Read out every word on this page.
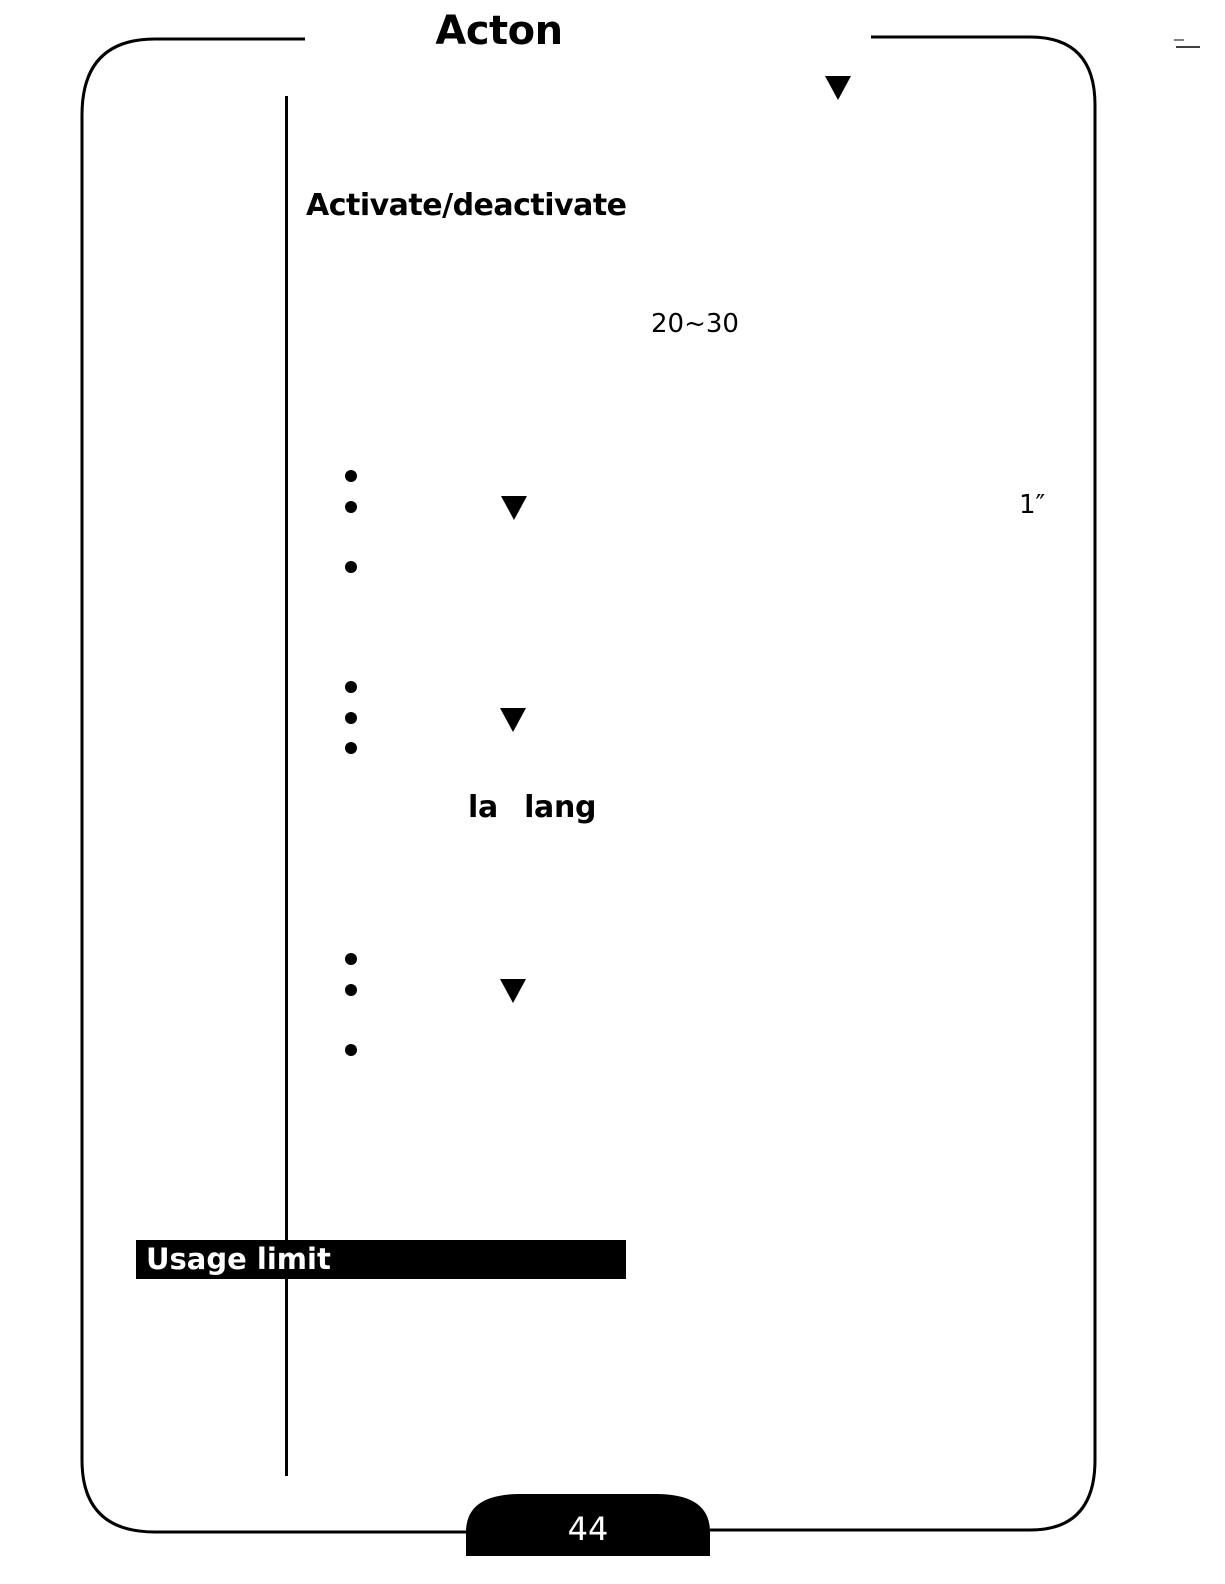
Acton
Activate/deactivate
20~30
1″
la lang
Usage limit
44
